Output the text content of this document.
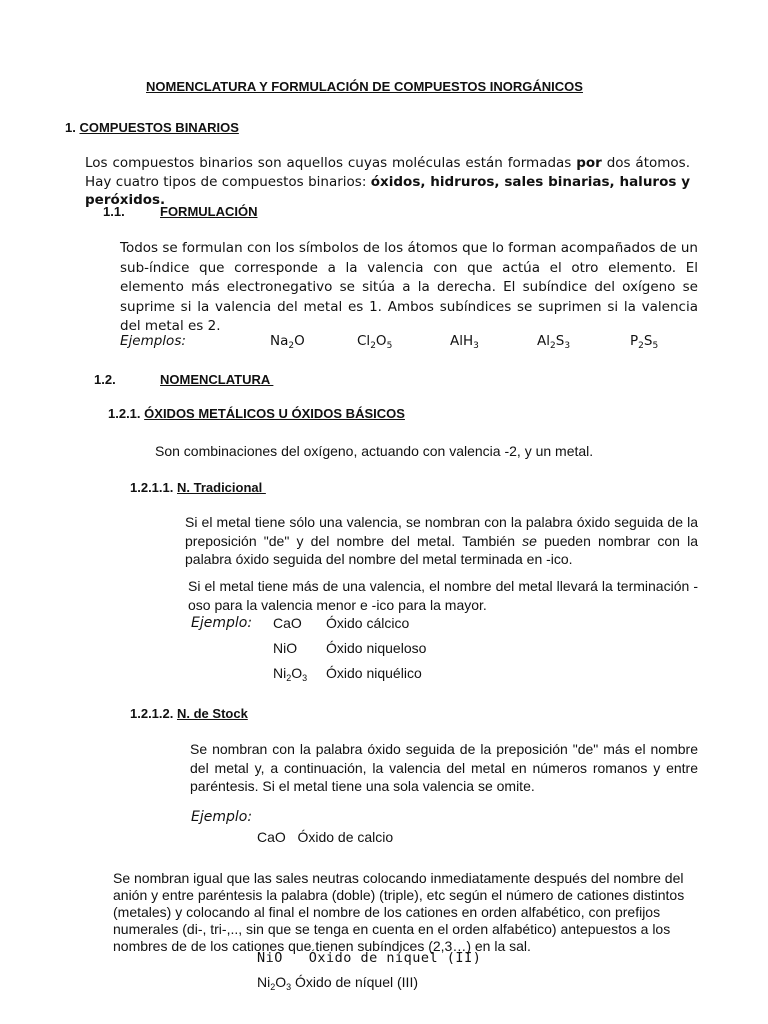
NOMENCLATURA Y FORMULACIÓN DE COMPUESTOS INORGÁNICOS
1. COMPUESTOS BINARIOS
Los compuestos binarios son aquellos cuyas moléculas están formadas por dos átomos. Hay cuatro tipos de compuestos binarios: óxidos, hidruros, sales binarias, haluros y peróxidos.
1.1.	FORMULACIÓN
Todos se formulan con los símbolos de los átomos que lo forman acompañados de un sub-índice que corresponde a la valencia con que actúa el otro elemento. El elemento más electronegativo se sitúa a la derecha. El subíndice del oxígeno se suprime si la valencia del metal es 1. Ambos subíndices se suprimen si la valencia del metal es 2.
Ejemplos:	$Na_2O$	$Cl_2O_5$	AlH$_3$	$Al_2S_3$	$P_2S_5$
1.2.	NOMENCLATURA
1.2.1. ÓXIDOS METÁLICOS U ÓXIDOS BÁSICOS
Son combinaciones del oxígeno, actuando con valencia -2, y un metal.
1.2.1.1. N. Tradicional
Si el metal tiene sólo una valencia, se nombran con la palabra óxido seguida de la preposición "de" y del nombre del metal. También se pueden nombrar con la palabra óxido seguida del nombre del metal terminada en -ico.
Si el metal tiene más de una valencia, el nombre del metal llevará la terminación -oso para la valencia menor e -ico para la mayor.
Ejemplo: CaO Óxido cálcico
NiO Óxido niqueloso
$Ni_2O_3$ Óxido niquélico
1.2.1.2. N. de Stock
Se nombran con la palabra óxido seguida de la preposición "de" más el nombre del metal y, a continuación, la valencia del metal en números romanos y entre paréntesis. Si el metal tiene una sola valencia se omite.
Ejemplo:
CaO   Óxido de calcio
Se nombran igual que las sales neutras colocando inmediatamente después del nombre del anión y entre paréntesis la palabra (doble) (triple), etc según el número de cationes distintos (metales) y colocando al final el nombre de los cationes en orden alfabético, con prefijos numerales (di-, tri-,.., sin que se tenga en cuenta en el orden alfabético) antepuestos a los nombres de de los cationes que tienen subíndices (2,3…) en la sal.
NiO   Óxido de níquel (II)
$Ni_2O_3$ Óxido de níquel (III)
